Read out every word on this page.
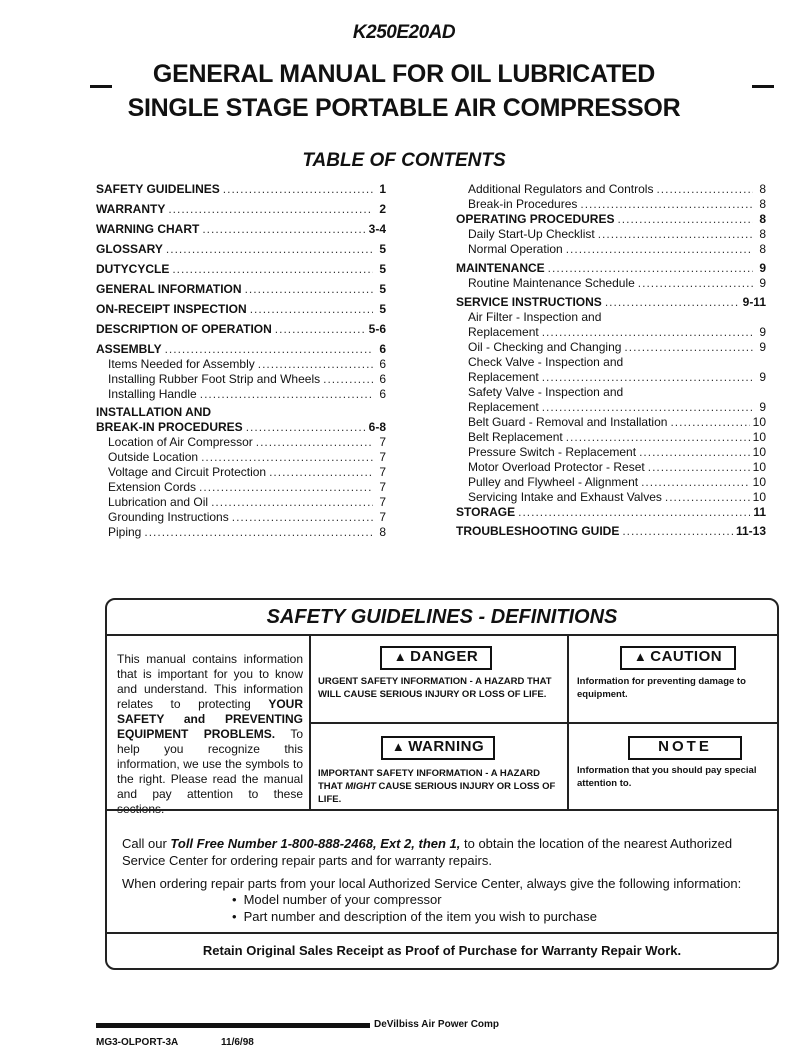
K250E20AD
GENERAL MANUAL FOR OIL LUBRICATED
SINGLE STAGE PORTABLE AIR COMPRESSOR
TABLE OF CONTENTS
SAFETY GUIDELINES .....	1
WARRANTY .....	2
WARNING CHART .....	3-4
GLOSSARY .....	5
DUTYCYCLE .....	5
GENERAL INFORMATION .....	5
ON-RECEIPT INSPECTION .....	5
DESCRIPTION OF OPERATION .....	5-6
ASSEMBLY .....	6
Items Needed for Assembly .....	6
Installing Rubber Foot Strip and Wheels .....	6
Installing Handle .....	6
INSTALLATION AND
BREAK-IN PROCEDURES .....	6-8
Location of Air Compressor .....	7
Outside Location .....	7
Voltage and Circuit Protection .....	7
Extension Cords .....	7
Lubrication and Oil .....	7
Grounding Instructions .....	7
Piping .....	8
Additional Regulators and Controls .....	8
Break-in Procedures .....	8
OPERATING PROCEDURES .....	8
Daily Start-Up Checklist .....	8
Normal Operation .....	8
MAINTENANCE .....	9
Routine Maintenance Schedule .....	9
SERVICE INSTRUCTIONS .....	9-11
Air Filter - Inspection and
Replacement .....	9
Oil - Checking and Changing .....	9
Check Valve - Inspection and
Replacement .....	9
Safety Valve - Inspection and
Replacement .....	9
Belt Guard - Removal and Installation .....	10
Belt Replacement .....	10
Pressure Switch - Replacement .....	10
Motor Overload Protector - Reset .....	10
Pulley and Flywheel - Alignment .....	10
Servicing Intake and Exhaust Valves .....	10
STORAGE .....	11
TROUBLESHOOTING GUIDE .....	11-13
SAFETY GUIDELINES - DEFINITIONS
This manual contains information that is important for you to know and understand. This information relates to protecting YOUR SAFETY and PREVENTING EQUIPMENT PROBLEMS. To help you recognize this information, we use the symbols to the right. Please read the manual and pay attention to these
▲ DANGER
URGENT SAFETY INFORMATION - A HAZARD THAT WILL CAUSE SERIOUS INJURY OR LOSS OF LIFE.
▲ CAUTION
Information for preventing damage to equipment.
▲ WARNING
IMPORTANT SAFETY INFORMATION - A HAZARD THAT MIGHT CAUSE SERIOUS INJURY OR LOSS OF LIFE.
NOTE
Information that you should pay special attention to.
Call our Toll Free Number 1-800-888-2468, Ext 2, then 1, to obtain the location of the nearest Authorized Service Center for ordering repair parts and for warranty repairs.
When ordering repair parts from your local Authorized Service Center, always give the following information:
• Model number of your compressor
• Part number and description of the item you wish to purchase
Retain Original Sales Receipt as Proof of Purchase for Warranty Repair Work.
DeVilbiss Air Power Comp
MG3-OLPORT-3A	11/6/98
